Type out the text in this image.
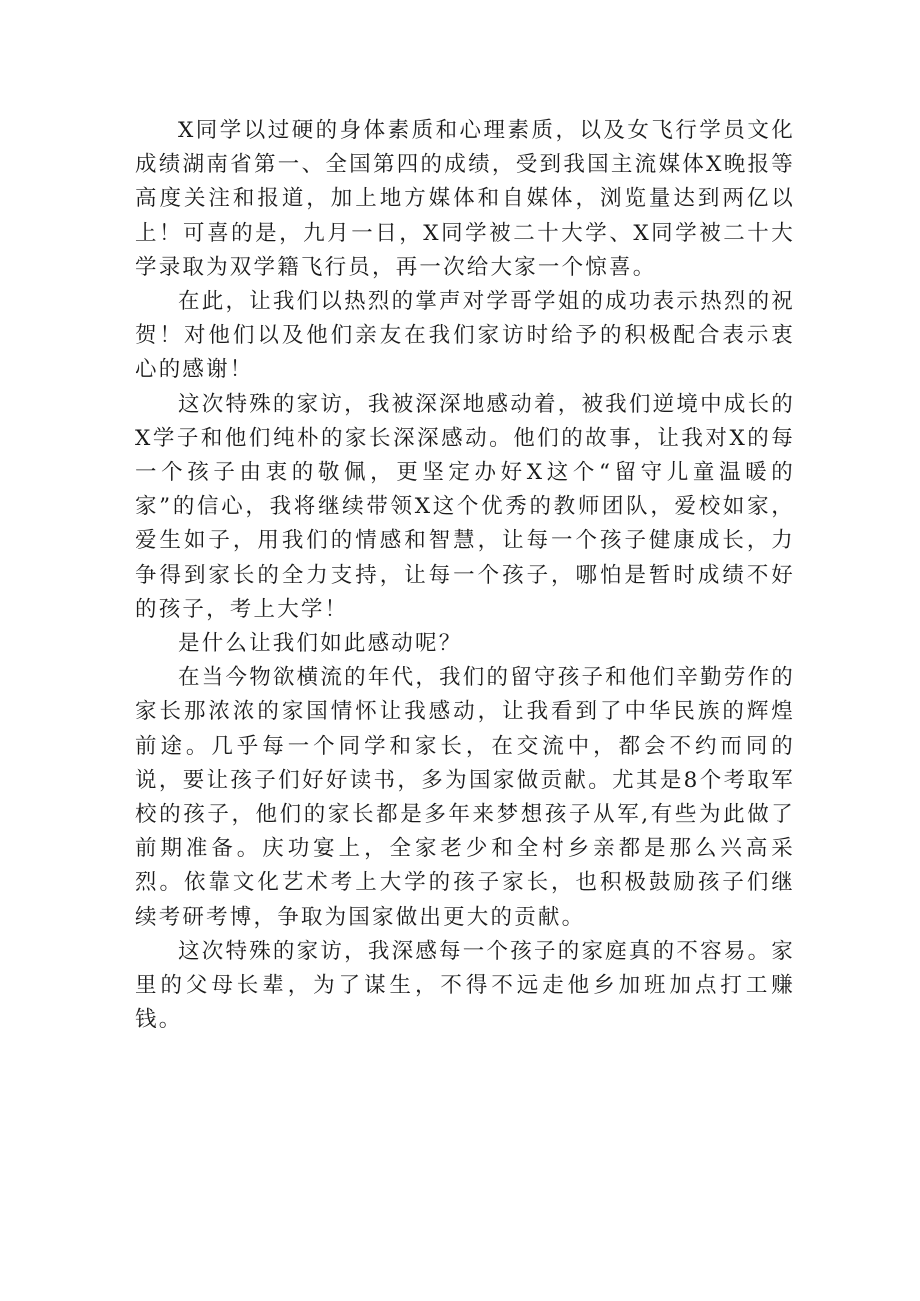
X同学以过硬的身体素质和心理素质，以及女飞行学员文化成绩湖南省第一、全国第四的成绩，受到我国主流媒体X晚报等高度关注和报道，加上地方媒体和自媒体，浏览量达到两亿以上！可喜的是，九月一日，X同学被二十大学、X同学被二十大学录取为双学籍飞行员，再一次给大家一个惊喜。

在此，让我们以热烈的掌声对学哥学姐的成功表示热烈的祝贺！对他们以及他们亲友在我们家访时给予的积极配合表示衷心的感谢！

这次特殊的家访，我被深深地感动着，被我们逆境中成长的X学子和他们纯朴的家长深深感动。他们的故事，让我对X的每一个孩子由衷的敬佩，更坚定办好X这个“留守儿童温暖的家”的信心，我将继续带领X这个优秀的教师团队，爱校如家，爱生如子，用我们的情感和智慧，让每一个孩子健康成长，力争得到家长的全力支持，让每一个孩子，哪怕是暂时成绩不好的孩子，考上大学！

是什么让我们如此感动呢？

在当今物欲横流的年代，我们的留守孩子和他们辛勤劳作的家长那浓浓的家国情怀让我感动，让我看到了中华民族的辉煌前途。几乎每一个同学和家长，在交流中，都会不约而同的说，要让孩子们好好读书，多为国家做贡献。尤其是8个考取军校的孩子，他们的家长都是多年来梦想孩子从军,有些为此做了前期准备。庆功宴上，全家老少和全村乡亲都是那么兴高采烈。依靠文化艺术考上大学的孩子家长，也积极鼓励孩子们继续考研考博，争取为国家做出更大的贡献。

这次特殊的家访，我深感每一个孩子的家庭真的不容易。家里的父母长辈，为了谋生，不得不远走他乡加班加点打工赚钱。
